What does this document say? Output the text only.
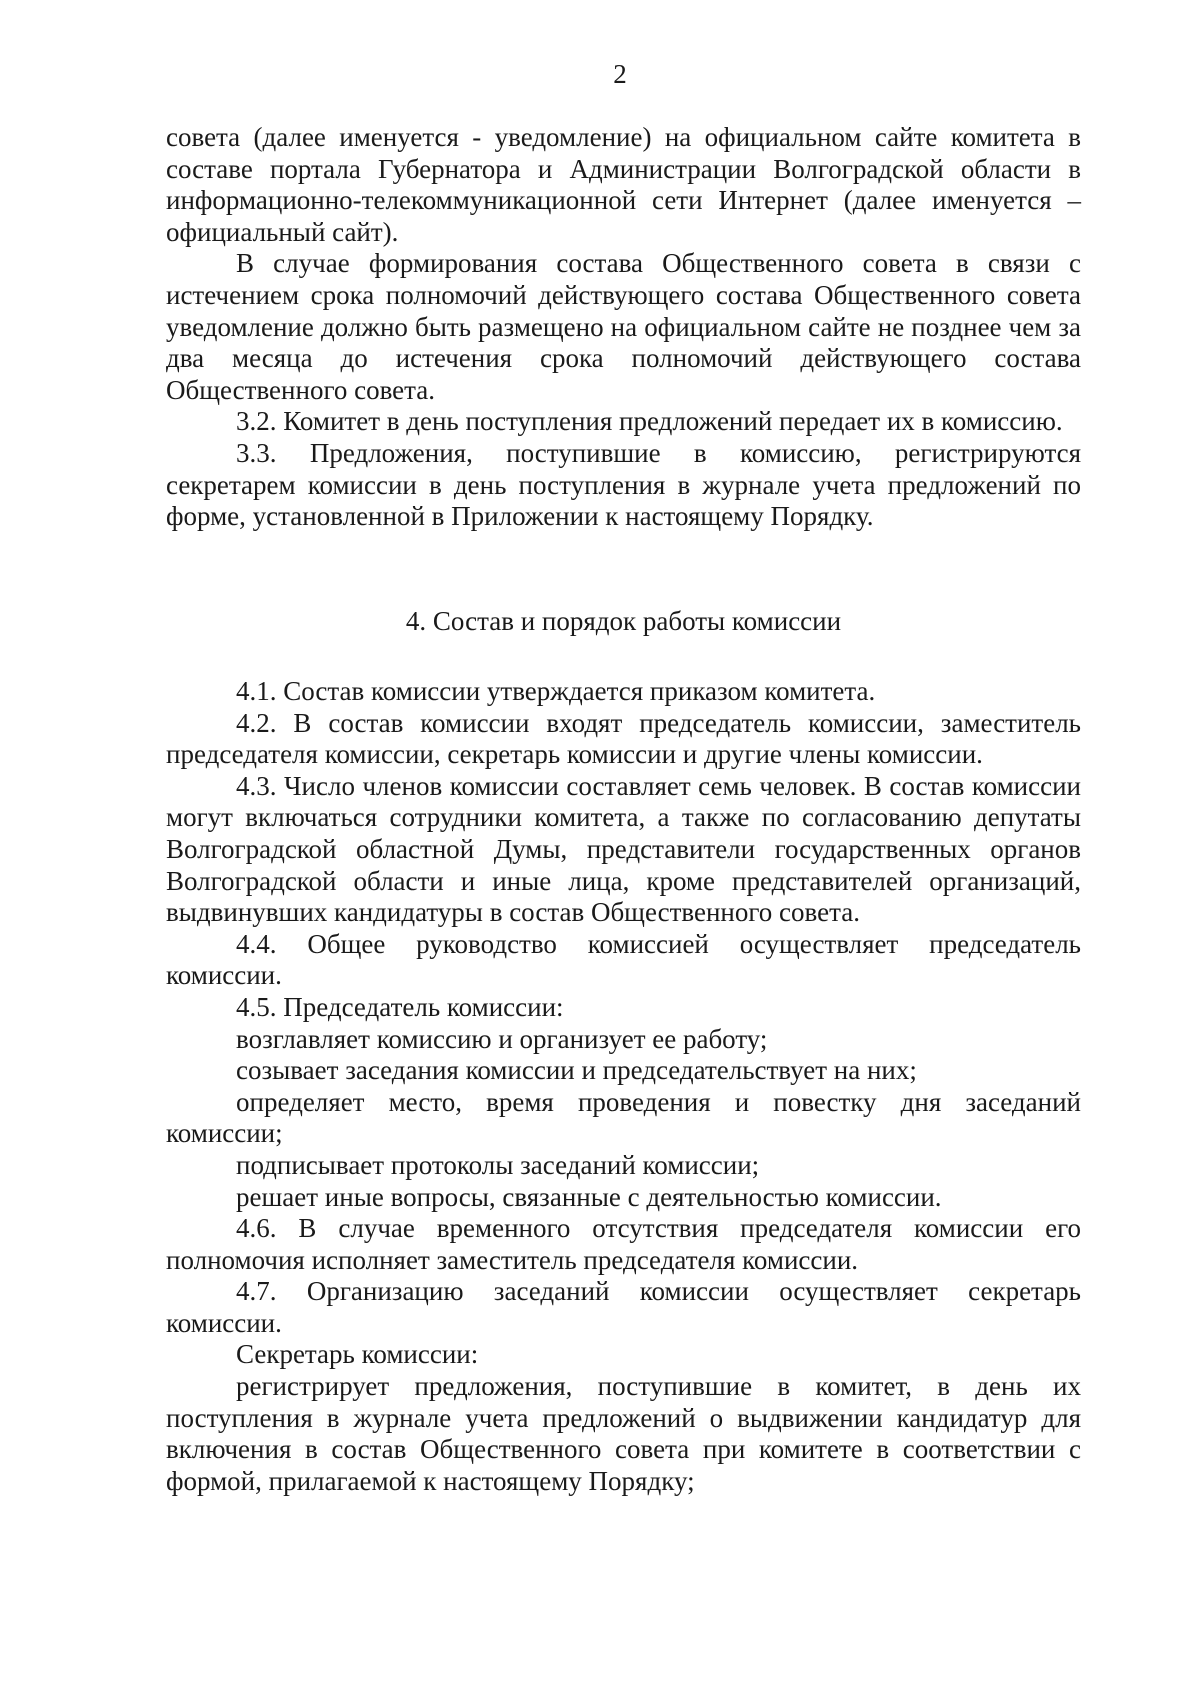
2

совета (далее именуется - уведомление) на официальном сайте комитета в составе портала Губернатора и Администрации Волгоградской области в информационно-телекоммуникационной сети Интернет (далее именуется – официальный сайт).

В случае формирования состава Общественного совета в связи с истечением срока полномочий действующего состава Общественного совета уведомление должно быть размещено на официальном сайте не позднее чем за два месяца до истечения срока полномочий действующего состава Общественного совета.

3.2. Комитет в день поступления предложений передает их в комиссию.

3.3. Предложения, поступившие в комиссию, регистрируются секретарем комиссии в день поступления в журнале учета предложений по форме, установленной в Приложении к настоящему Порядку.

4. Состав и порядок работы комиссии

4.1. Состав комиссии утверждается приказом комитета.

4.2. В состав комиссии входят председатель комиссии, заместитель председателя комиссии, секретарь комиссии и другие члены комиссии.

4.3. Число членов комиссии составляет семь человек. В состав комиссии могут включаться сотрудники комитета, а также по согласованию депутаты Волгоградской областной Думы, представители государственных органов Волгоградской области и иные лица, кроме представителей организаций, выдвинувших кандидатуры в состав Общественного совета.

4.4. Общее руководство комиссией осуществляет председатель комиссии.

4.5. Председатель комиссии:

возглавляет комиссию и организует ее работу;

созывает заседания комиссии и председательствует на них;

определяет место, время проведения и повестку дня заседаний комиссии;

подписывает протоколы заседаний комиссии;

решает иные вопросы, связанные с деятельностью комиссии.

4.6. В случае временного отсутствия председателя комиссии его полномочия исполняет заместитель председателя комиссии.

4.7. Организацию заседаний комиссии осуществляет секретарь комиссии.

Секретарь комиссии:

регистрирует предложения, поступившие в комитет, в день их поступления в журнале учета предложений о выдвижении кандидатур для включения в состав Общественного совета при комитете в соответствии с формой, прилагаемой к настоящему Порядку;
